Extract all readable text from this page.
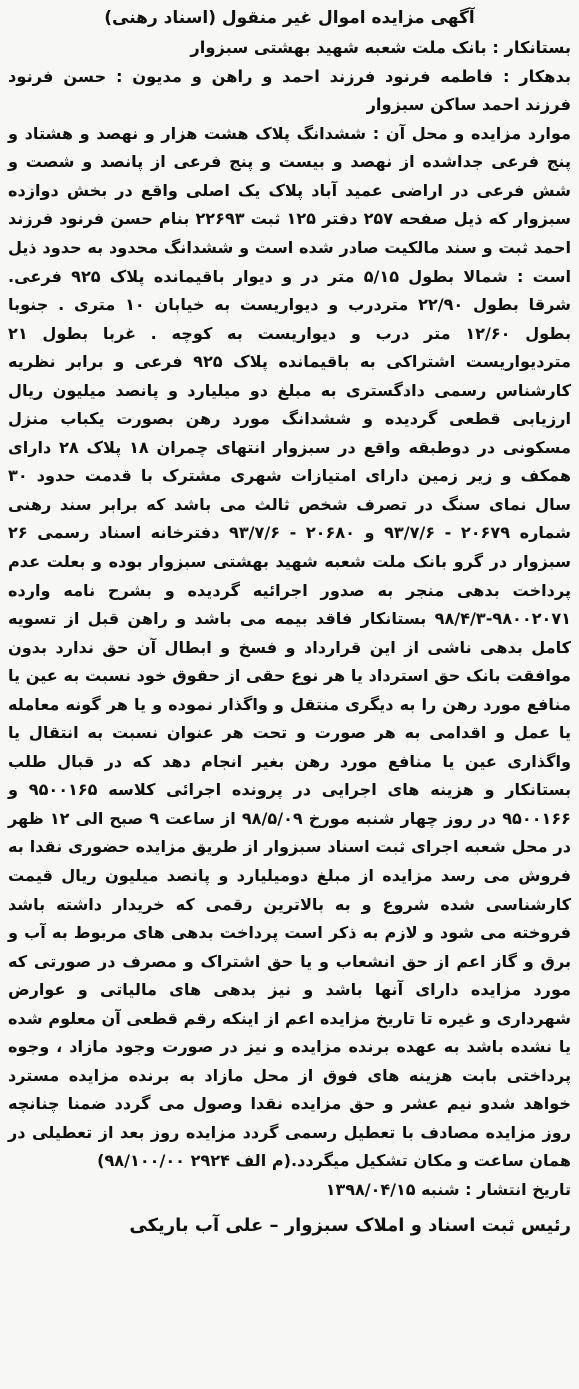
آگهی مزایده اموال غیر منقول (اسناد رهنی)
بستانکار : بانک ملت شعبه شهید بهشتی سبزوار
بدهکار : فاطمه فرنود فرزند احمد و راهن و مدیون : حسن فرنود فرزند احمد ساکن سبزوار

موارد مزایده و محل آن : ششدانگ پلاک هشت هزار و نهصد و هشتاد و پنج فرعی جداشده از نهصد و بیست و پنج فرعی از پانصد و شصت و شش فرعی در اراضی عمید آباد پلاک یک اصلی واقع در بخش دوازده سبزوار که ذیل صفحه ۲۵۷ دفتر ۱۲۵ ثبت ۲۲۶۹۳ بنام حسن فرنود فرزند احمد ثبت و سند مالکیت صادر شده است و ششدانگ محدود به حدود ذیل است : شمالا بطول ۵/۱۵ متر در و دیوار باقیمانده پلاک ۹۲۵ فرعی. شرقا بطول ۲۲/۹۰ متردرب و دیواریست به خیابان ۱۰ متری . جنوبا بطول ۱۲/۶۰ متر درب و دیواریست به کوچه . غربا بطول ۲۱ متردیواریست اشتراکی به باقیمانده پلاک ۹۲۵ فرعی و برابر نظریه کارشناس رسمی دادگستری به مبلغ دو میلیارد و پانصد میلیون ریال ارزیابی قطعی گردیده و ششدانگ مورد رهن بصورت یکباب منزل مسکونی در دوطبقه واقع در سبزوار انتهای چمران ۱۸ پلاک ۲۸ دارای همکف و زیر زمین دارای امتیازات شهری مشترک با قدمت حدود ۳۰ سال نمای سنگ در تصرف شخص ثالث می باشد که برابر سند رهنی شماره ۲۰۶۷۹ - ۹۳/۷/۶ و ۲۰۶۸۰ - ۹۳/۷/۶ دفترخانه اسناد رسمی ۲۶ سبزوار در گرو بانک ملت شعبه شهید بهشتی سبزوار بوده و بعلت عدم پرداخت بدهی منجر به صدور اجرائیه گردیده و بشرح نامه وارده ۹۸۰۰۲۰۷۱-۹۸/۴/۳ بستانکار فاقد بیمه می باشد و راهن قبل از تسویه کامل بدهی ناشی از این قرارداد و فسخ و ابطال آن حق ندارد بدون موافقت بانک حق استرداد یا هر نوع حقی از حقوق خود نسبت به عین یا منافع مورد رهن را به دیگری منتقل و واگذار نموده و یا هر گونه معامله یا عمل و اقدامی به هر صورت و تحت هر عنوان نسبت به انتقال یا واگذاری عین یا منافع مورد رهن بغیر انجام دهد که در قبال طلب بستانکار و هزینه های اجرایی در پرونده اجرائی کلاسه ۹۵۰۰۱۶۵ و ۹۵۰۰۱۶۶ در روز چهار شنبه مورخ ۹۸/۵/۰۹ از ساعت ۹ صبح الی ۱۲ ظهر در محل شعبه اجرای ثبت اسناد سبزوار از طریق مزایده حضوری نقدا به فروش می رسد مزایده از مبلغ دومیلیارد و پانصد میلیون ریال قیمت کارشناسی شده شروع و به بالاترین رقمی که خریدار داشته باشد فروخته می شود و لازم به ذکر است پرداخت بدهی های مربوط به آب و برق و گاز اعم از حق انشعاب و یا حق اشتراک و مصرف در صورتی که مورد مزایده دارای آنها باشد و نیز بدهی های مالیاتی و عوارض شهرداری و غیره تا تاریخ مزایده اعم از اینکه رقم قطعی آن معلوم شده یا نشده باشد به عهده برنده مزایده و نیز در صورت وجود مازاد ، وجوه پرداختی بابت هزینه های فوق از محل مازاد به برنده مزایده مسترد خواهد شدو نیم عشر و حق مزایده نقدا وصول می گردد ضمنا چنانچه روز مزایده مصادف با تعطیل رسمی گردد مزایده روز بعد از تعطیلی در همان ساعت و مکان تشکیل میگردد.(م الف ۲۹۲۴ ۹۸/۱۰۰/۰۰)

تاریخ انتشار : شنبه ۱۳۹۸/۰۴/۱۵
رئیس ثبت اسناد و املاک سبزوار – علی آب باریکی
